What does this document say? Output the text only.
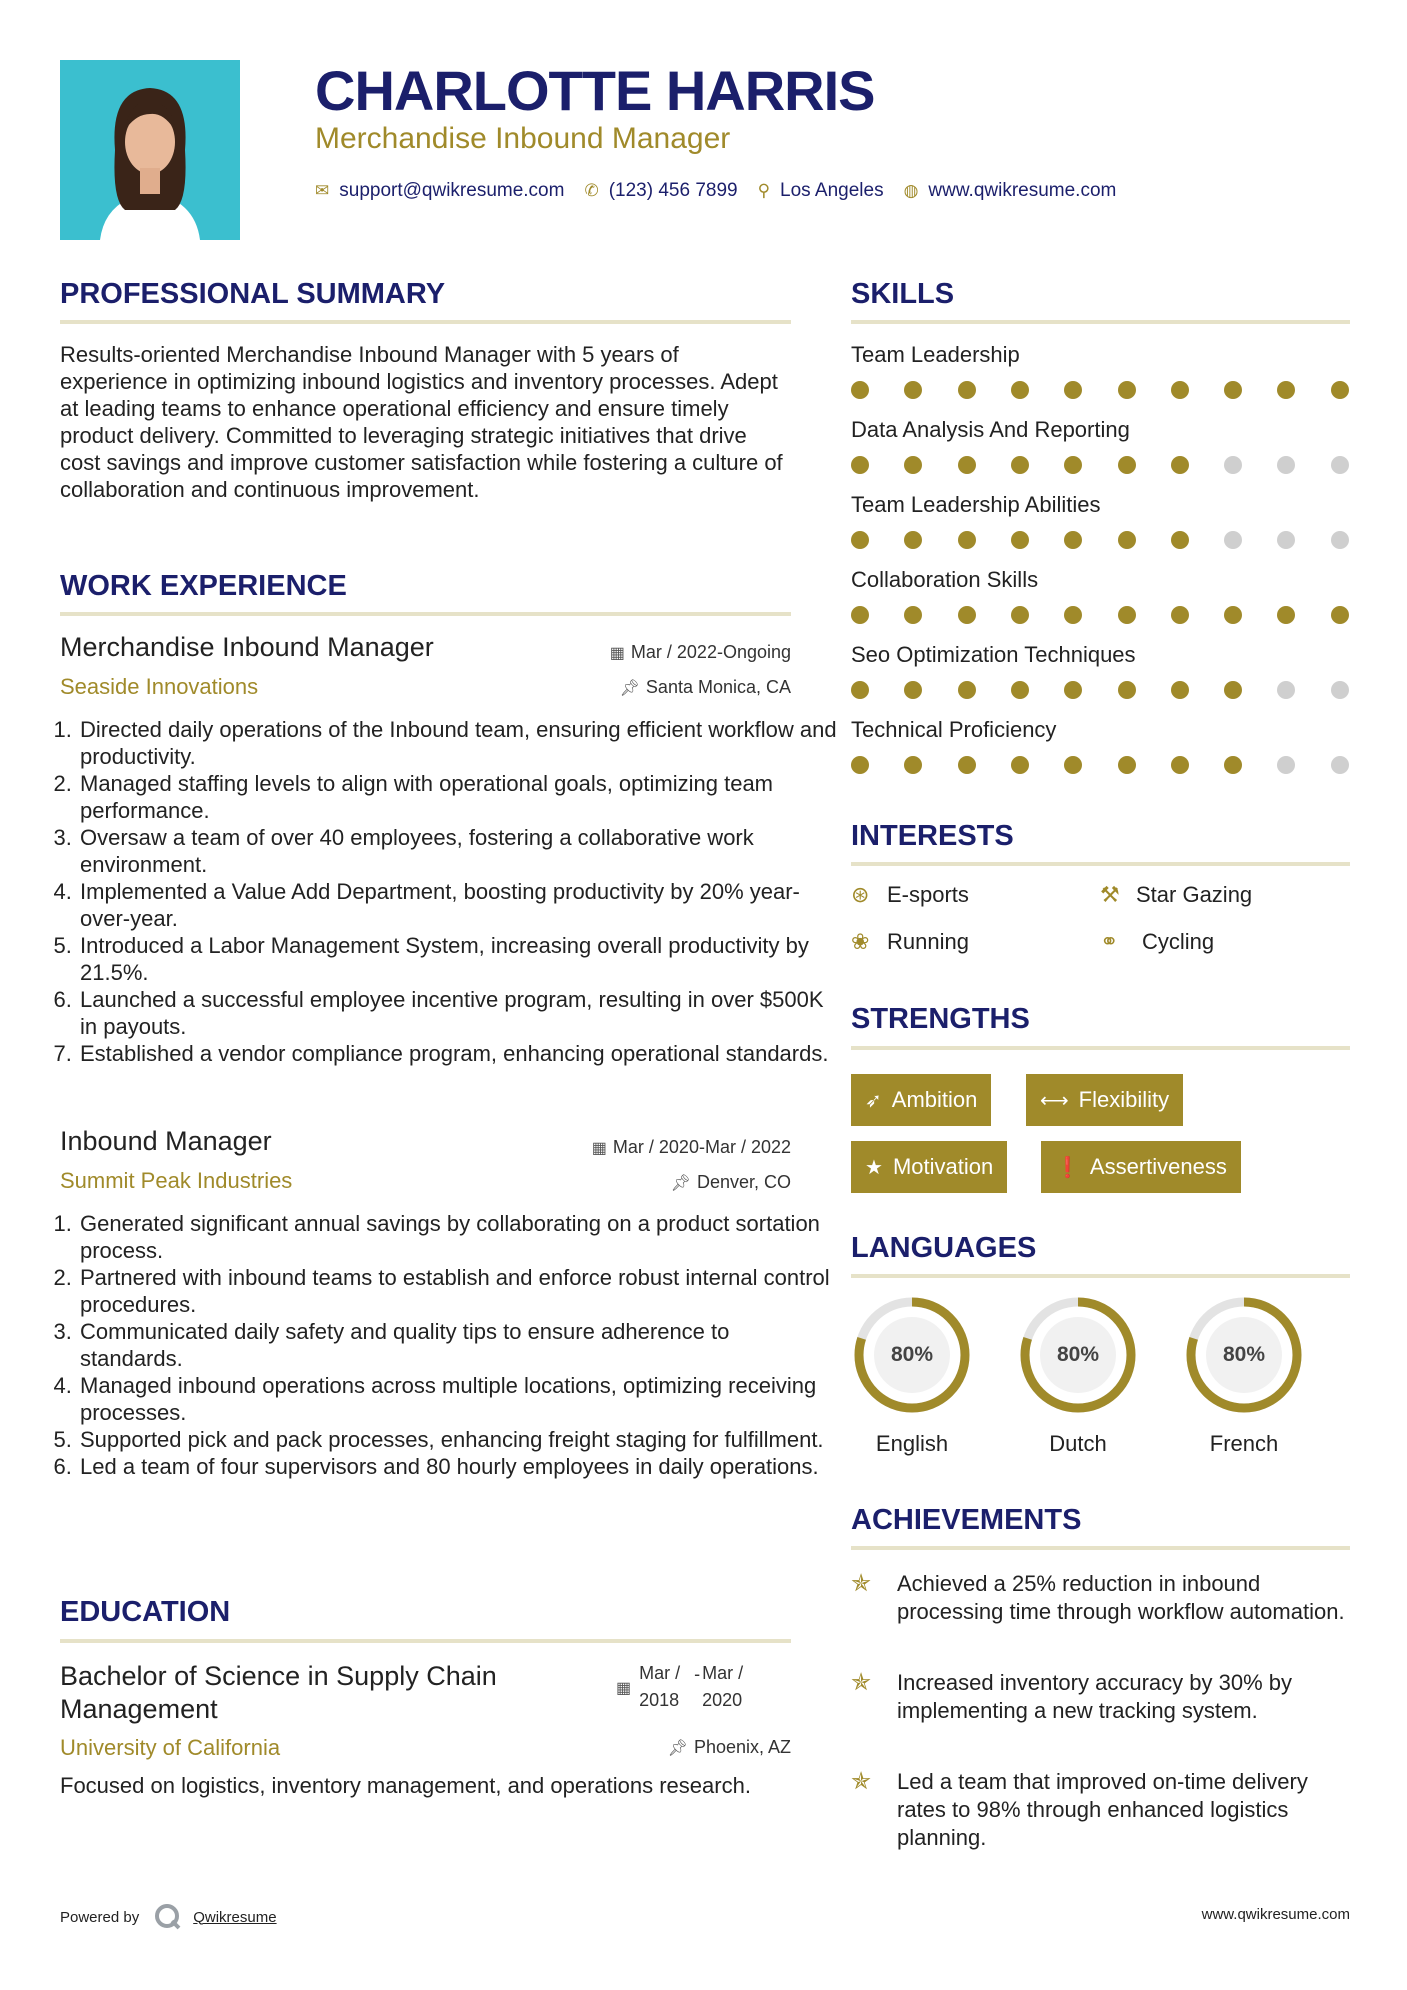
CHARLOTTE HARRIS
Merchandise Inbound Manager
✉ support@qwikresume.com ✆ (123) 456 7899 ⚲ Los Angeles ◍ www.qwikresume.com
PROFESSIONAL SUMMARY
Results-oriented Merchandise Inbound Manager with 5 years of experience in optimizing inbound logistics and inventory processes. Adept at leading teams to enhance operational efficiency and ensure timely product delivery. Committed to leveraging strategic initiatives that drive cost savings and improve customer satisfaction while fostering a culture of collaboration and continuous improvement.
WORK EXPERIENCE
Merchandise Inbound Manager	▦ Mar / 2022-Ongoing
Seaside Innovations	📌︎ Santa Monica, CA
1. Directed daily operations of the Inbound team, ensuring efficient workflow and productivity.
2. Managed staffing levels to align with operational goals, optimizing team performance.
3. Oversaw a team of over 40 employees, fostering a collaborative work environment.
4. Implemented a Value Add Department, boosting productivity by 20% year-over-year.
5. Introduced a Labor Management System, increasing overall productivity by 21.5%.
6. Launched a successful employee incentive program, resulting in over $500K in payouts.
7. Established a vendor compliance program, enhancing operational standards.
Inbound Manager	▦ Mar / 2020-Mar / 2022
Summit Peak Industries	📌︎ Denver, CO
1. Generated significant annual savings by collaborating on a product sortation process.
2. Partnered with inbound teams to establish and enforce robust internal control procedures.
3. Communicated daily safety and quality tips to ensure adherence to standards.
4. Managed inbound operations across multiple locations, optimizing receiving processes.
5. Supported pick and pack processes, enhancing freight staging for fulfillment.
6. Led a team of four supervisors and 80 hourly employees in daily operations.
EDUCATION
Bachelor of Science in Supply Chain
Management
▦
Mar /
2018
- Mar /
2020
University of California	📌︎ Phoenix, AZ
Focused on logistics, inventory management, and operations research.
SKILLS
Team Leadership
Data Analysis And Reporting
Team Leadership Abilities
Collaboration Skills
Seo Optimization Techniques
Technical Proficiency
INTERESTS
⊛ E-sports	⚒ Star Gazing
❀ Running	⚭	Cycling
STRENGTHS
➶ Ambition	⟷ Flexibility
★ Motivation	❗ Assertiveness
LANGUAGES
80%
English
80%
Dutch
80%
French
ACHIEVEMENTS
✯	Achieved a 25% reduction in inbound processing time through workflow automation.
✯	Increased inventory accuracy by 30% by implementing a new tracking system.
✯	Led a team that improved on-time delivery rates to 98% through enhanced logistics planning.
Powered by	Qwikresume	www.qwikresume.com
